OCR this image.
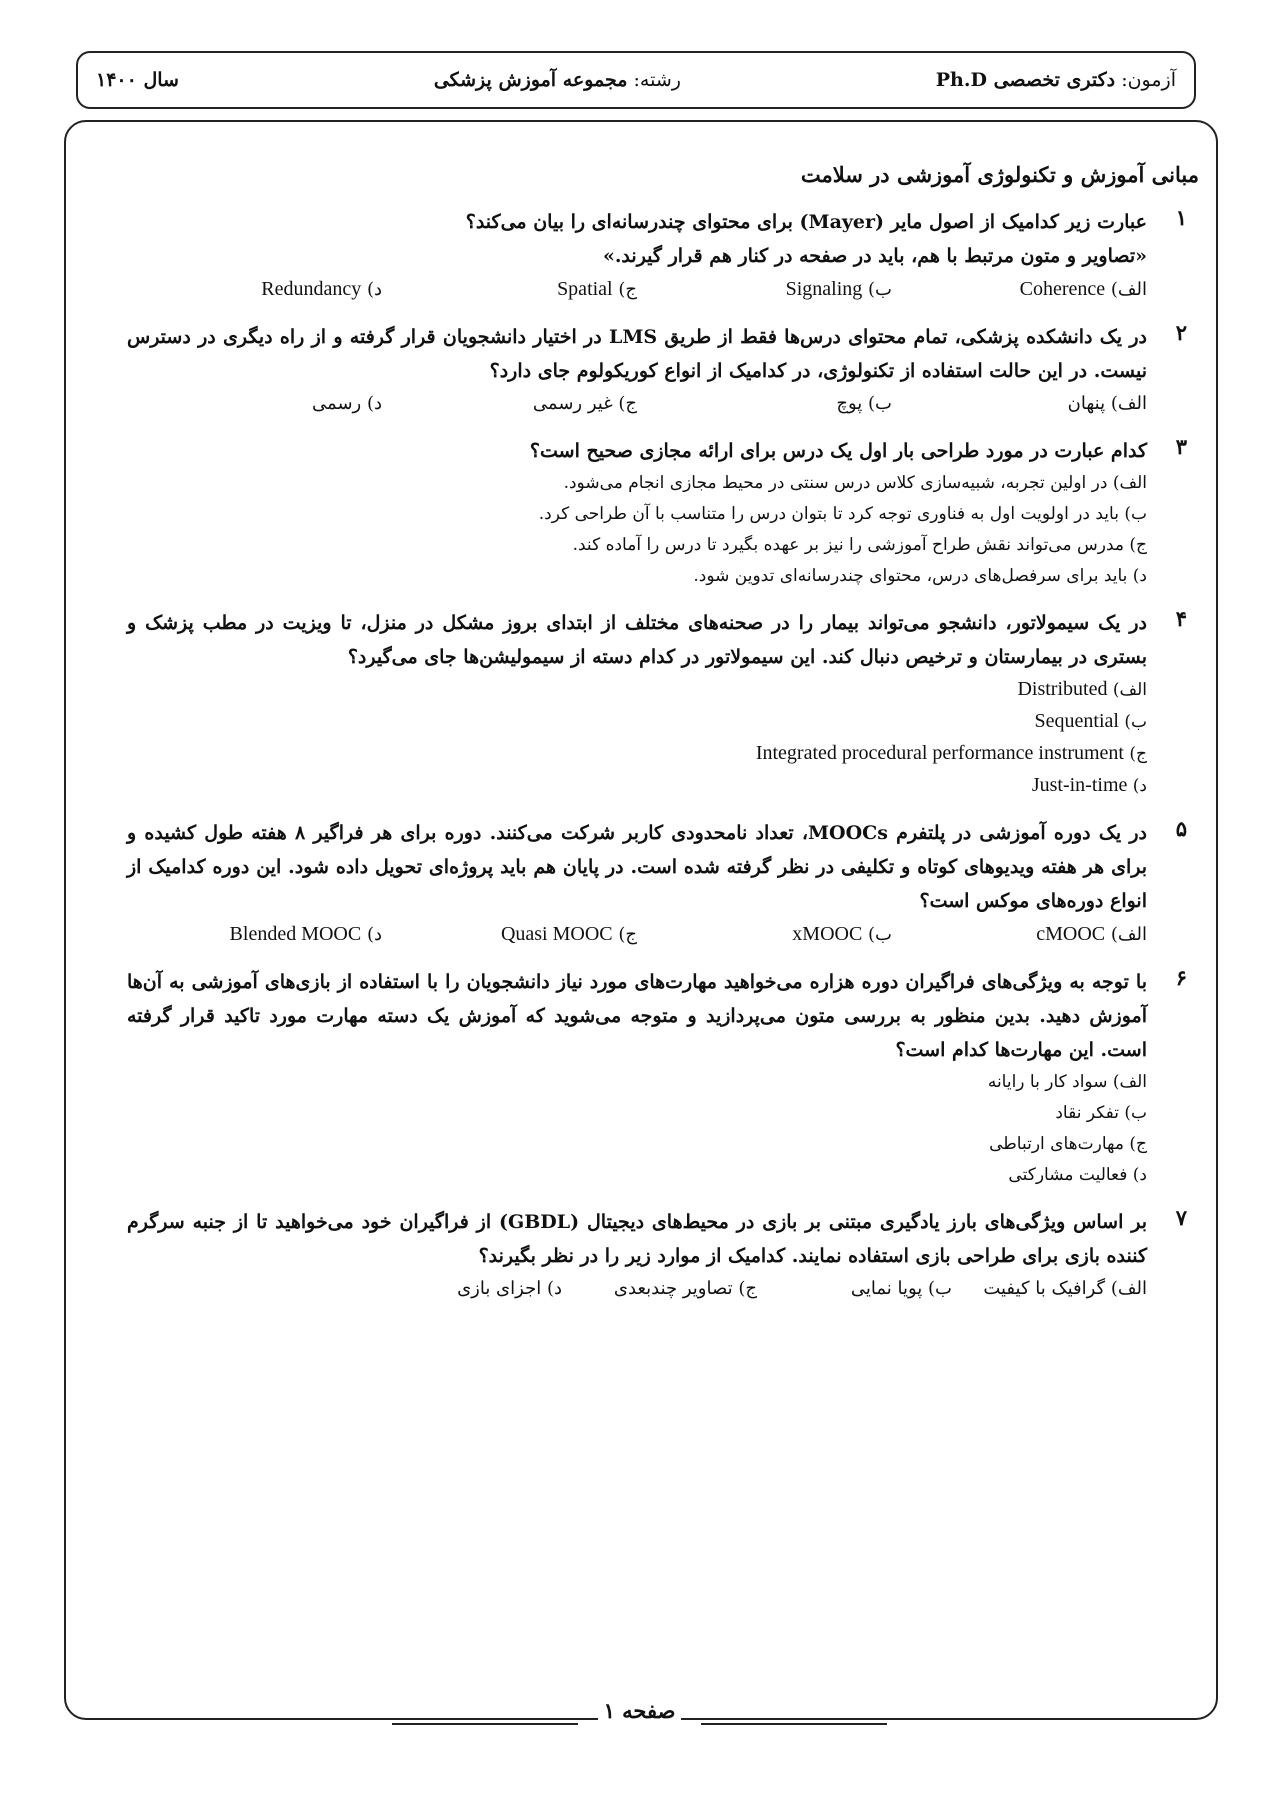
آزمون: دکتری تخصصی Ph.D
رشته: مجموعه آموزش پزشکی
سال ۱۴۰۰
مبانی آموزش و تکنولوژی آموزشی در سلامت
۱
عبارت زیر کدامیک از اصول مایر (Mayer) برای محتوای چندرسانه‌ای را بیان می‌کند؟
«تصاویر و متون مرتبط با هم، باید در صفحه در کنار هم قرار گیرند.»
الف) Coherence
ب) Signaling
ج) Spatial
د) Redundancy
۲
در یک دانشکده پزشکی، تمام محتوای درس‌ها فقط از طریق LMS در اختیار دانشجویان قرار گرفته و از راه دیگری در دسترس نیست. در این حالت استفاده از تکنولوژی، در کدامیک از انواع کوریکولوم جای دارد؟
الف) پنهان
ب) پوچ
ج) غیر رسمی
د) رسمی
۳
کدام عبارت در مورد طراحی بار اول یک درس برای ارائه مجازی صحیح است؟
الف) در اولین تجربه، شبیه‌سازی کلاس درس سنتی در محیط مجازی انجام می‌شود.
ب) باید در اولویت اول به فناوری توجه کرد تا بتوان درس را متناسب با آن طراحی کرد.
ج) مدرس می‌تواند نقش طراح آموزشی را نیز بر عهده بگیرد تا درس را آماده کند.
د) باید برای سرفصل‌های درس، محتوای چندرسانه‌ای تدوین شود.
۴
در یک سیمولاتور، دانشجو می‌تواند بیمار را در صحنه‌های مختلف از ابتدای بروز مشکل در منزل، تا ویزیت در مطب پزشک و بستری در بیمارستان و ترخیص دنبال کند. این سیمولاتور در کدام دسته از سیمولیشن‌ها جای می‌گیرد؟
الف) Distributed
ب) Sequential
ج) Integrated procedural performance instrument
د) Just-in-time
۵
در یک دوره آموزشی در پلتفرم MOOCs، تعداد نامحدودی کاربر شرکت می‌کنند. دوره برای هر فراگیر ۸ هفته طول کشیده و برای هر هفته ویدیوهای کوتاه و تکلیفی در نظر گرفته شده است. در پایان هم باید پروژه‌ای تحویل داده شود. این دوره کدامیک از انواع دوره‌های موکس است؟
الف) cMOOC
ب) xMOOC
ج) Quasi MOOC
د) Blended MOOC
۶
با توجه به ویژگی‌های فراگیران دوره هزاره می‌خواهید مهارت‌های مورد نیاز دانشجویان را با استفاده از بازی‌های آموزشی به آن‌ها آموزش دهید. بدین منظور به بررسی متون می‌پردازید و متوجه می‌شوید که آموزش یک دسته مهارت مورد تاکید قرار گرفته است. این مهارت‌ها کدام است؟
الف) سواد کار با رایانه
ب) تفکر نقاد
ج) مهارت‌های ارتباطی
د) فعالیت مشارکتی
۷
بر اساس ویژگی‌های بارز یادگیری مبتنی بر بازی در محیط‌های دیجیتال (GBDL) از فراگیران خود می‌خواهید تا از جنبه سرگرم کننده بازی برای طراحی بازی استفاده نمایند. کدامیک از موارد زیر را در نظر بگیرند؟
الف) گرافیک با کیفیت
ب) پویا نمایی
ج) تصاویر چندبعدی
د) اجزای بازی
صفحه ۱
